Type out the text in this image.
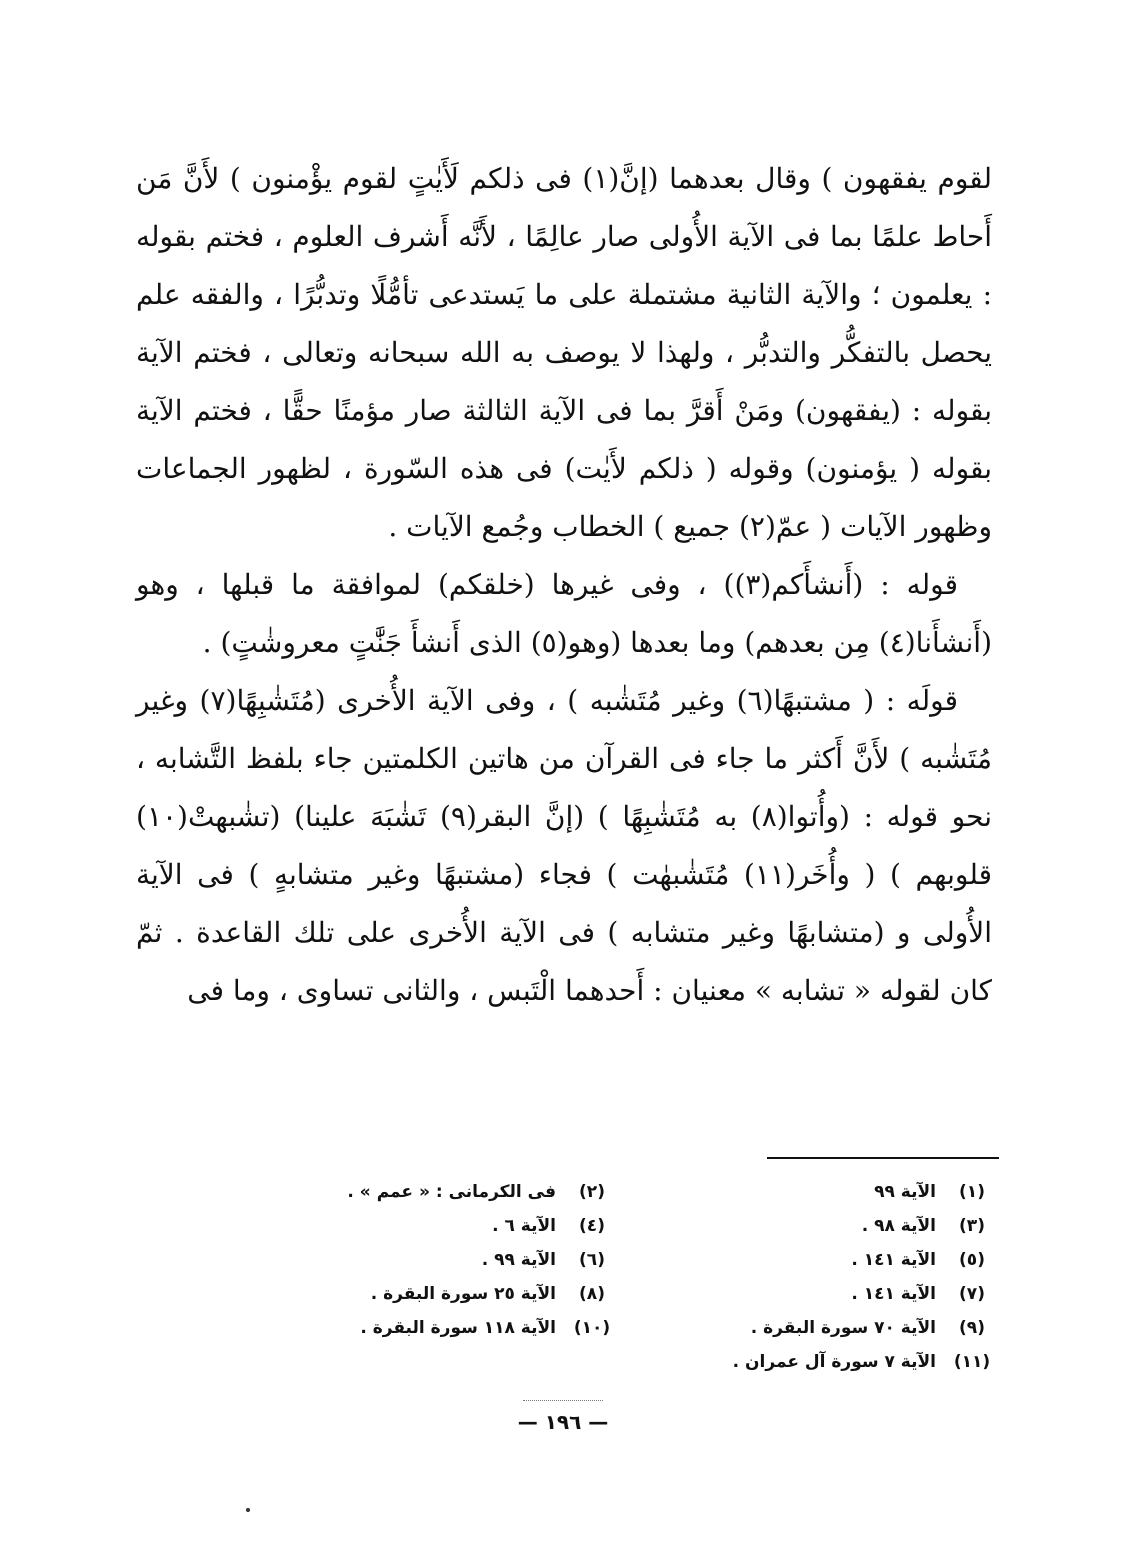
لقوم يفقهون ) وقال بعدهما (إنَّ(١) فى ذلكم لَأَيٰتٍ لقوم يؤْمنون ) لأَنَّ مَن أَحاط علمًا بما فى الآية الأُولى صار عالِمًا ، لأَنَّه أَشرف العلوم ، فختم بقوله : يعلمون ؛ والآية الثانية مشتملة على ما يَستدعى تأمُّلًا وتدبُّرًا ، والفقه علم يحصل بالتفكُّر والتدبُّر ، ولهذا لا يوصف به الله سبحانه وتعالى ، فختم الآية بقوله : (يفقهون) ومَنْ أَقرَّ بما فى الآية الثالثة صار مؤمنًا حقًّا ، فختم الآية بقوله ( يؤمنون) وقوله ( ذلكم لأَيٰت) فى هذه السّورة ، لظهور الجماعات وظهور الآيات ( عمّ(٢) جميع ) الخطاب وجُمع الآيات .

قوله : (أَنشأَكم(٣)) ، وفى غيرها (خلقكم) لموافقة ما قبلها ، وهو (أَنشأَنا(٤) مِن بعدهم) وما بعدها (وهو(٥) الذى أَنشأَ جَنَّٰتٍ معروشٰتٍ) .

قولَه : ( مشتبهًا(٦) وغير مُتَشٰبه ) ، وفى الآية الأُخرى (مُتَشٰبِهًا(٧) وغير مُتَشٰبه ) لأَنَّ أَكثر ما جاء فى القرآن من هاتين الكلمتين جاء بلفظ التَّشابه ، نحو قوله : (وأُتوا(٨) به مُتَشٰبِهًا ) (إنَّ البقر(٩) تَشٰبَهَ علينا) (تشٰبهتْ(١٠) قلوبهم ) ( وأُخَر(١١) مُتَشٰبهٰت ) فجاء (مشتبهًا وغير متشابهٍ ) فى الآية الأُولى و (متشابهًا وغير متشابه ) فى الآية الأُخرى على تلك القاعدة . ثمّ كان لقوله « تشابه » معنيان : أَحدهما الْتَبس ، والثانى تساوى ، وما فى

(١)
الآية ٩٩
(٢)
فى الكرمانى : « عمم » .
(٣)
الآية ٩٨ .
(٤)
الآية ٦ .
(٥)
الآية ١٤١ .
(٦)
الآية ٩٩ .
(٧)
الآية ١٤١ .
(٨)
الآية ٢٥ سورة البقرة .
(٩)
الآية ٧٠ سورة البقرة .
(١٠)
الآية ١١٨ سورة البقرة .
(١١)
الآية ٧ سورة آل عمران .
— ١٩٦ —
